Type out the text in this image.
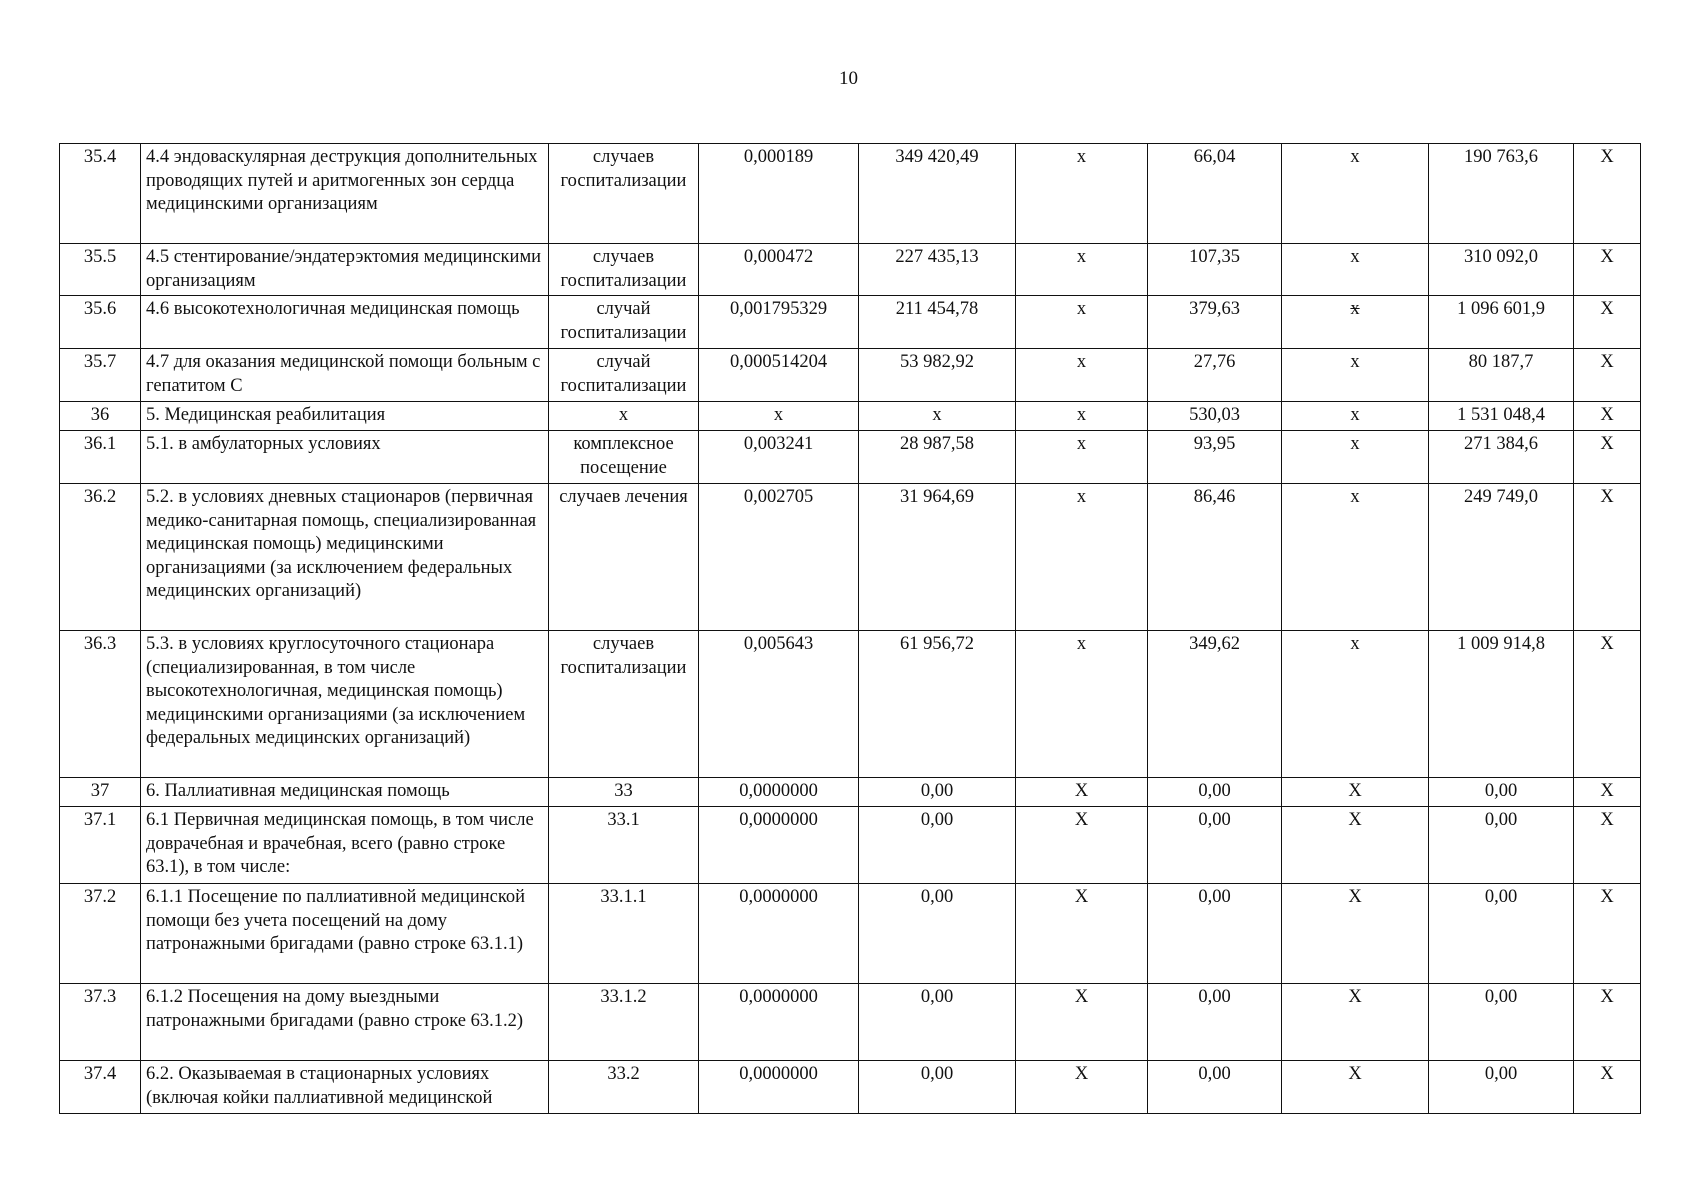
10
35.4	4.4 эндоваскулярная деструкция дополнительных проводящих путей и аритмогенных зон сердца медицинскими организациям	случаев госпитализации	0,000189	349 420,49	х	66,04	х	190 763,6	Х
35.5	4.5 стентирование/эндатерэктомия медицинскими организациям	случаев госпитализации	0,000472	227 435,13	х	107,35	х	310 092,0	Х
35.6	4.6 высокотехнологичная медицинская помощь	случай госпитализации	0,001795329	211 454,78	х	379,63	х	1 096 601,9	Х
35.7	4.7 для оказания медицинской помощи больным с гепатитом С	случай госпитализации	0,000514204	53 982,92	х	27,76	х	80 187,7	Х
36	5. Медицинская реабилитация	х	х	х	х	530,03	х	1 531 048,4	Х
36.1	5.1. в амбулаторных условиях	комплексное посещение	0,003241	28 987,58	х	93,95	х	271 384,6	Х
36.2	5.2. в условиях дневных стационаров (первичная медико-санитарная помощь, специализированная медицинская помощь) медицинскими организациями (за исключением федеральных медицинских организаций)	случаев лечения	0,002705	31 964,69	х	86,46	х	249 749,0	Х
36.3	5.3. в условиях круглосуточного стационара (специализированная, в том числе высокотехнологичная, медицинская помощь) медицинскими организациями (за исключением федеральных медицинских организаций)	случаев госпитализации	0,005643	61 956,72	х	349,62	х	1 009 914,8	Х
37	6. Паллиативная медицинская помощь	33	0,0000000	0,00	Х	0,00	Х	0,00	Х
37.1	6.1 Первичная медицинская помощь, в том числе доврачебная и врачебная, всего (равно строке 63.1), в том числе:	33.1	0,0000000	0,00	Х	0,00	Х	0,00	Х
37.2	6.1.1 Посещение по паллиативной медицинской помощи без учета посещений на дому патронажными бригадами (равно строке 63.1.1)	33.1.1	0,0000000	0,00	Х	0,00	Х	0,00	Х
37.3	6.1.2 Посещения на дому выездными патронажными бригадами (равно строке 63.1.2)	33.1.2	0,0000000	0,00	Х	0,00	Х	0,00	Х
37.4	6.2. Оказываемая в стационарных условиях (включая койки паллиативной медицинской	33.2	0,0000000	0,00	Х	0,00	Х	0,00	Х
